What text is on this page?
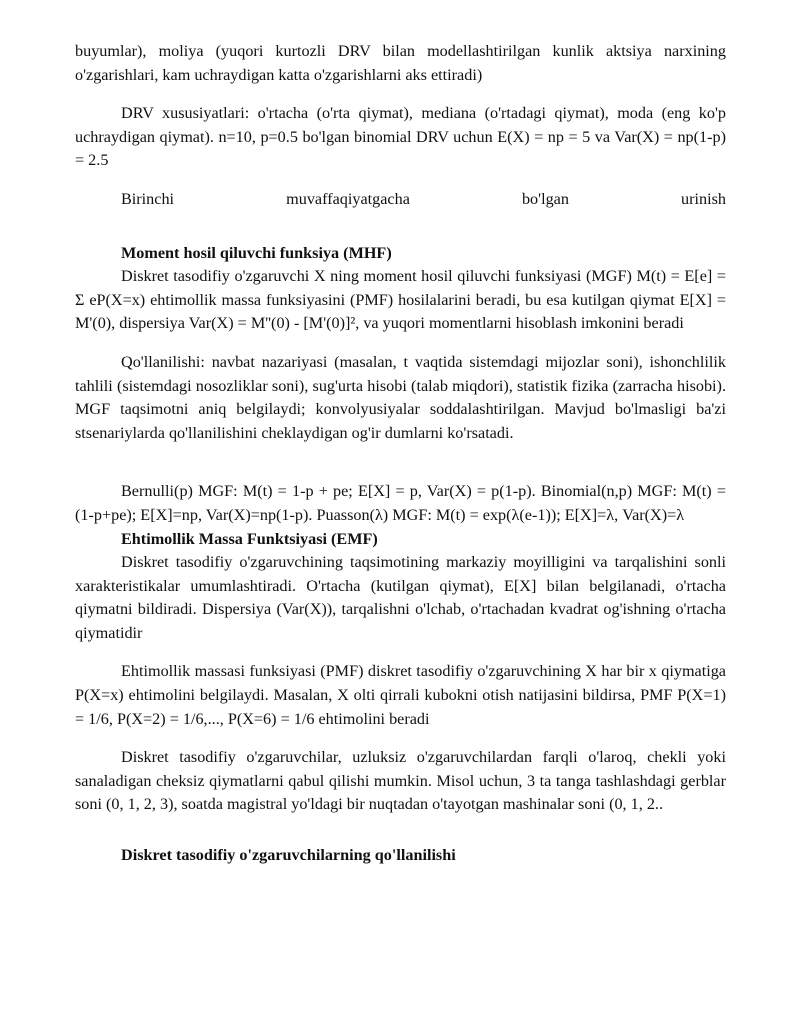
buyumlar), moliya (yuqori kurtozli DRV bilan modellashtirilgan kunlik aktsiya narxining o'zgarishlari, kam uchraydigan katta o'zgarishlarni aks ettiradi)

DRV xususiyatlari: o'rtacha (o'rta qiymat), mediana (o'rtadagi qiymat), moda (eng ko'p uchraydigan qiymat). n=10, p=0.5 bo'lgan binomial DRV uchun E(X) = np = 5 va Var(X) = np(1-p) = 2.5

Birinchi muvaffaqiyatgacha bo'lgan urinish

Moment hosil qiluvchi funksiya (MHF)

Diskret tasodifiy o'zgaruvchi X ning moment hosil qiluvchi funksiyasi (MGF) M(t) = E[e] = Σ eP(X=x) ehtimollik massa funksiyasini (PMF) hosilalarini beradi, bu esa kutilgan qiymat E[X] = M'(0), dispersiya Var(X) = M''(0) - [M'(0)]², va yuqori momentlarni hisoblash imkonini beradi

Qo'llanilishi: navbat nazariyasi (masalan, t vaqtida sistemdagi mijozlar soni), ishonchlilik tahlili (sistemdagi nosozliklar soni), sug'urta hisobi (talab miqdori), statistik fizika (zarracha hisobi). MGF taqsimotni aniq belgilaydi; konvolyusiyalar soddalashtirilgan. Mavjud bo'lmasligi ba'zi stsenariylarda qo'llanilishini cheklaydigan og'ir dumlarni ko'rsatadi.

Bernulli(p) MGF: M(t) = 1-p + pe; E[X] = p, Var(X) = p(1-p). Binomial(n,p) MGF: M(t) = (1-p+pe); E[X]=np, Var(X)=np(1-p). Puasson(λ) MGF: M(t) = exp(λ(e-1)); E[X]=λ, Var(X)=λ

Ehtimollik Massa Funktsiyasi (EMF)

Diskret tasodifiy o'zgaruvchining taqsimotining markaziy moyilligini va tarqalishini sonli xarakteristikalar umumlashtiradi. O'rtacha (kutilgan qiymat), E[X] bilan belgilanadi, o'rtacha qiymatni bildiradi. Dispersiya (Var(X)), tarqalishni o'lchab, o'rtachadan kvadrat og'ishning o'rtacha qiymatidir

Ehtimollik massasi funksiyasi (PMF) diskret tasodifiy o'zgaruvchining X har bir x qiymatiga P(X=x) ehtimolini belgilaydi. Masalan, X olti qirrali kubokni otish natijasini bildirsa, PMF P(X=1) = 1/6, P(X=2) = 1/6,..., P(X=6) = 1/6 ehtimolini beradi

Diskret tasodifiy o'zgaruvchilar, uzluksiz o'zgaruvchilardan farqli o'laroq, chekli yoki sanaladigan cheksiz qiymatlarni qabul qilishi mumkin. Misol uchun, 3 ta tanga tashlashdagi gerblar soni (0, 1, 2, 3), soatda magistral yo'ldagi bir nuqtadan o'tayotgan mashinalar soni (0, 1, 2..

Diskret tasodifiy o'zgaruvchilarning qo'llanilishi
